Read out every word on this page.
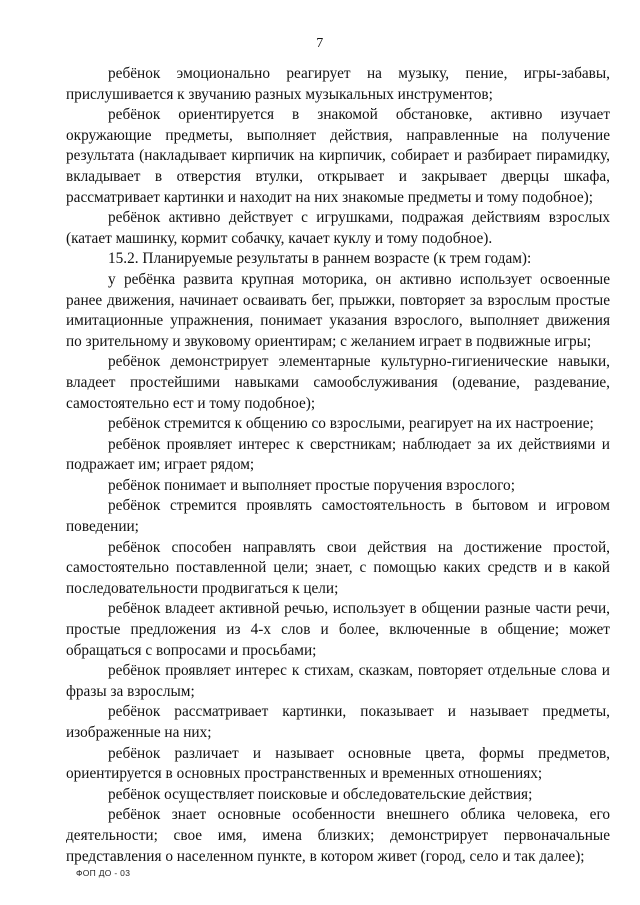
7

ребёнок эмоционально реагирует на музыку, пение, игры-забавы, прислушивается к звучанию разных музыкальных инструментов;

ребёнок ориентируется в знакомой обстановке, активно изучает окружающие предметы, выполняет действия, направленные на получение результата (накладывает кирпичик на кирпичик, собирает и разбирает пирамидку, вкладывает в отверстия втулки, открывает и закрывает дверцы шкафа, рассматривает картинки и находит на них знакомые предметы и тому подобное);

ребёнок активно действует с игрушками, подражая действиям взрослых (катает машинку, кормит собачку, качает куклу и тому подобное).

15.2. Планируемые результаты в раннем возрасте (к трем годам):

у ребёнка развита крупная моторика, он активно использует освоенные ранее движения, начинает осваивать бег, прыжки, повторяет за взрослым простые имитационные упражнения, понимает указания взрослого, выполняет движения по зрительному и звуковому ориентирам; с желанием играет в подвижные игры;

ребёнок демонстрирует элементарные культурно-гигиенические навыки, владеет простейшими навыками самообслуживания (одевание, раздевание, самостоятельно ест и тому подобное);

ребёнок стремится к общению со взрослыми, реагирует на их настроение;

ребёнок проявляет интерес к сверстникам; наблюдает за их действиями и подражает им; играет рядом;

ребёнок понимает и выполняет простые поручения взрослого;

ребёнок стремится проявлять самостоятельность в бытовом и игровом поведении;

ребёнок способен направлять свои действия на достижение простой, самостоятельно поставленной цели; знает, с помощью каких средств и в какой последовательности продвигаться к цели;

ребёнок владеет активной речью, использует в общении разные части речи, простые предложения из 4-х слов и более, включенные в общение; может обращаться с вопросами и просьбами;

ребёнок проявляет интерес к стихам, сказкам, повторяет отдельные слова и фразы за взрослым;

ребёнок рассматривает картинки, показывает и называет предметы, изображенные на них;

ребёнок различает и называет основные цвета, формы предметов, ориентируется в основных пространственных и временных отношениях;

ребёнок осуществляет поисковые и обследовательские действия;

ребёнок знает основные особенности внешнего облика человека, его деятельности; свое имя, имена близких; демонстрирует первоначальные представления о населенном пункте, в котором живет (город, село и так далее);

ФОП ДО - 03
